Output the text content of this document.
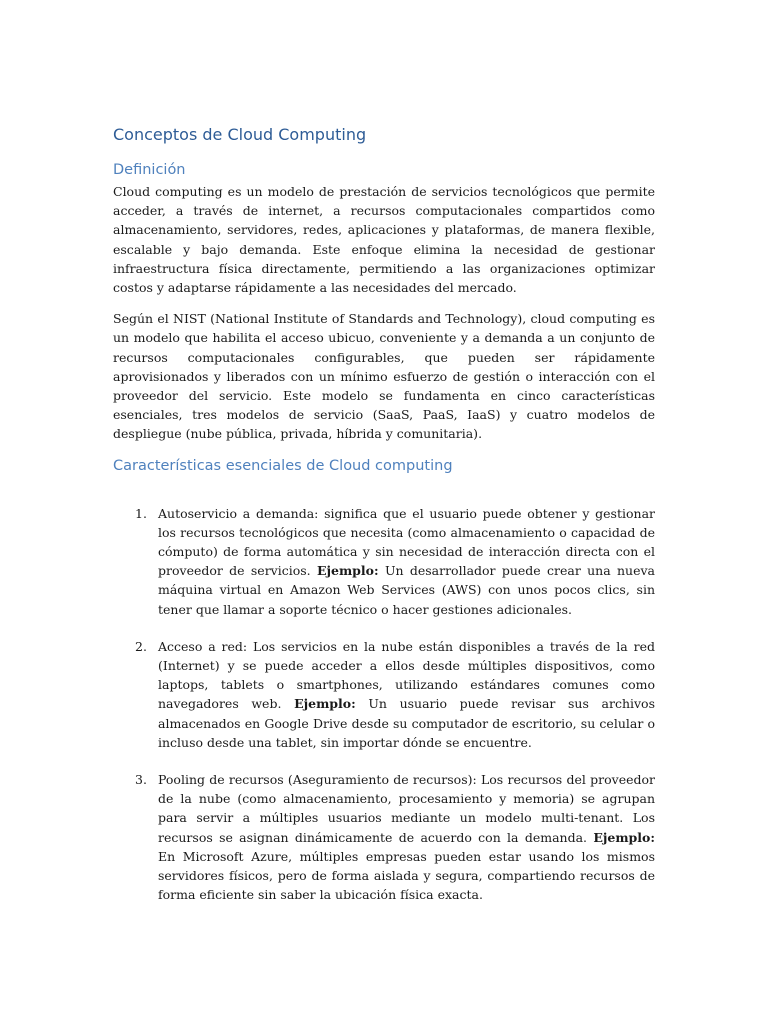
Conceptos de Cloud Computing
Definición

Cloud computing es un modelo de prestación de servicios tecnológicos que permite acceder, a través de internet, a recursos computacionales compartidos como almacenamiento, servidores, redes, aplicaciones y plataformas, de manera flexible, escalable y bajo demanda. Este enfoque elimina la necesidad de gestionar infraestructura física directamente, permitiendo a las organizaciones optimizar costos y adaptarse rápidamente a las necesidades del mercado.

Según el NIST (National Institute of Standards and Technology), cloud computing es un modelo que habilita el acceso ubicuo, conveniente y a demanda a un conjunto de recursos computacionales configurables, que pueden ser rápidamente aprovisionados y liberados con un mínimo esfuerzo de gestión o interacción con el proveedor del servicio. Este modelo se fundamenta en cinco características esenciales, tres modelos de servicio (SaaS, PaaS, IaaS) y cuatro modelos de despliegue (nube pública, privada, híbrida y comunitaria).

Características esenciales de Cloud computing
1. Autoservicio a demanda: significa que el usuario puede obtener y gestionar los recursos tecnológicos que necesita (como almacenamiento o capacidad de cómputo) de forma automática y sin necesidad de interacción directa con el proveedor de servicios. Ejemplo: Un desarrollador puede crear una nueva máquina virtual en Amazon Web Services (AWS) con unos pocos clics, sin tener que llamar a soporte técnico o hacer gestiones adicionales.
2. Acceso a red: Los servicios en la nube están disponibles a través de la red (Internet) y se puede acceder a ellos desde múltiples dispositivos, como laptops, tablets o smartphones, utilizando estándares comunes como navegadores web. Ejemplo: Un usuario puede revisar sus archivos almacenados en Google Drive desde su computador de escritorio, su celular o incluso desde una tablet, sin importar dónde se encuentre.
3. Pooling de recursos (Aseguramiento de recursos): Los recursos del proveedor de la nube (como almacenamiento, procesamiento y memoria) se agrupan para servir a múltiples usuarios mediante un modelo multi-tenant. Los recursos se asignan dinámicamente de acuerdo con la demanda. Ejemplo: En Microsoft Azure, múltiples empresas pueden estar usando los mismos servidores físicos, pero de forma aislada y segura, compartiendo recursos de forma eficiente sin saber la ubicación física exacta.
